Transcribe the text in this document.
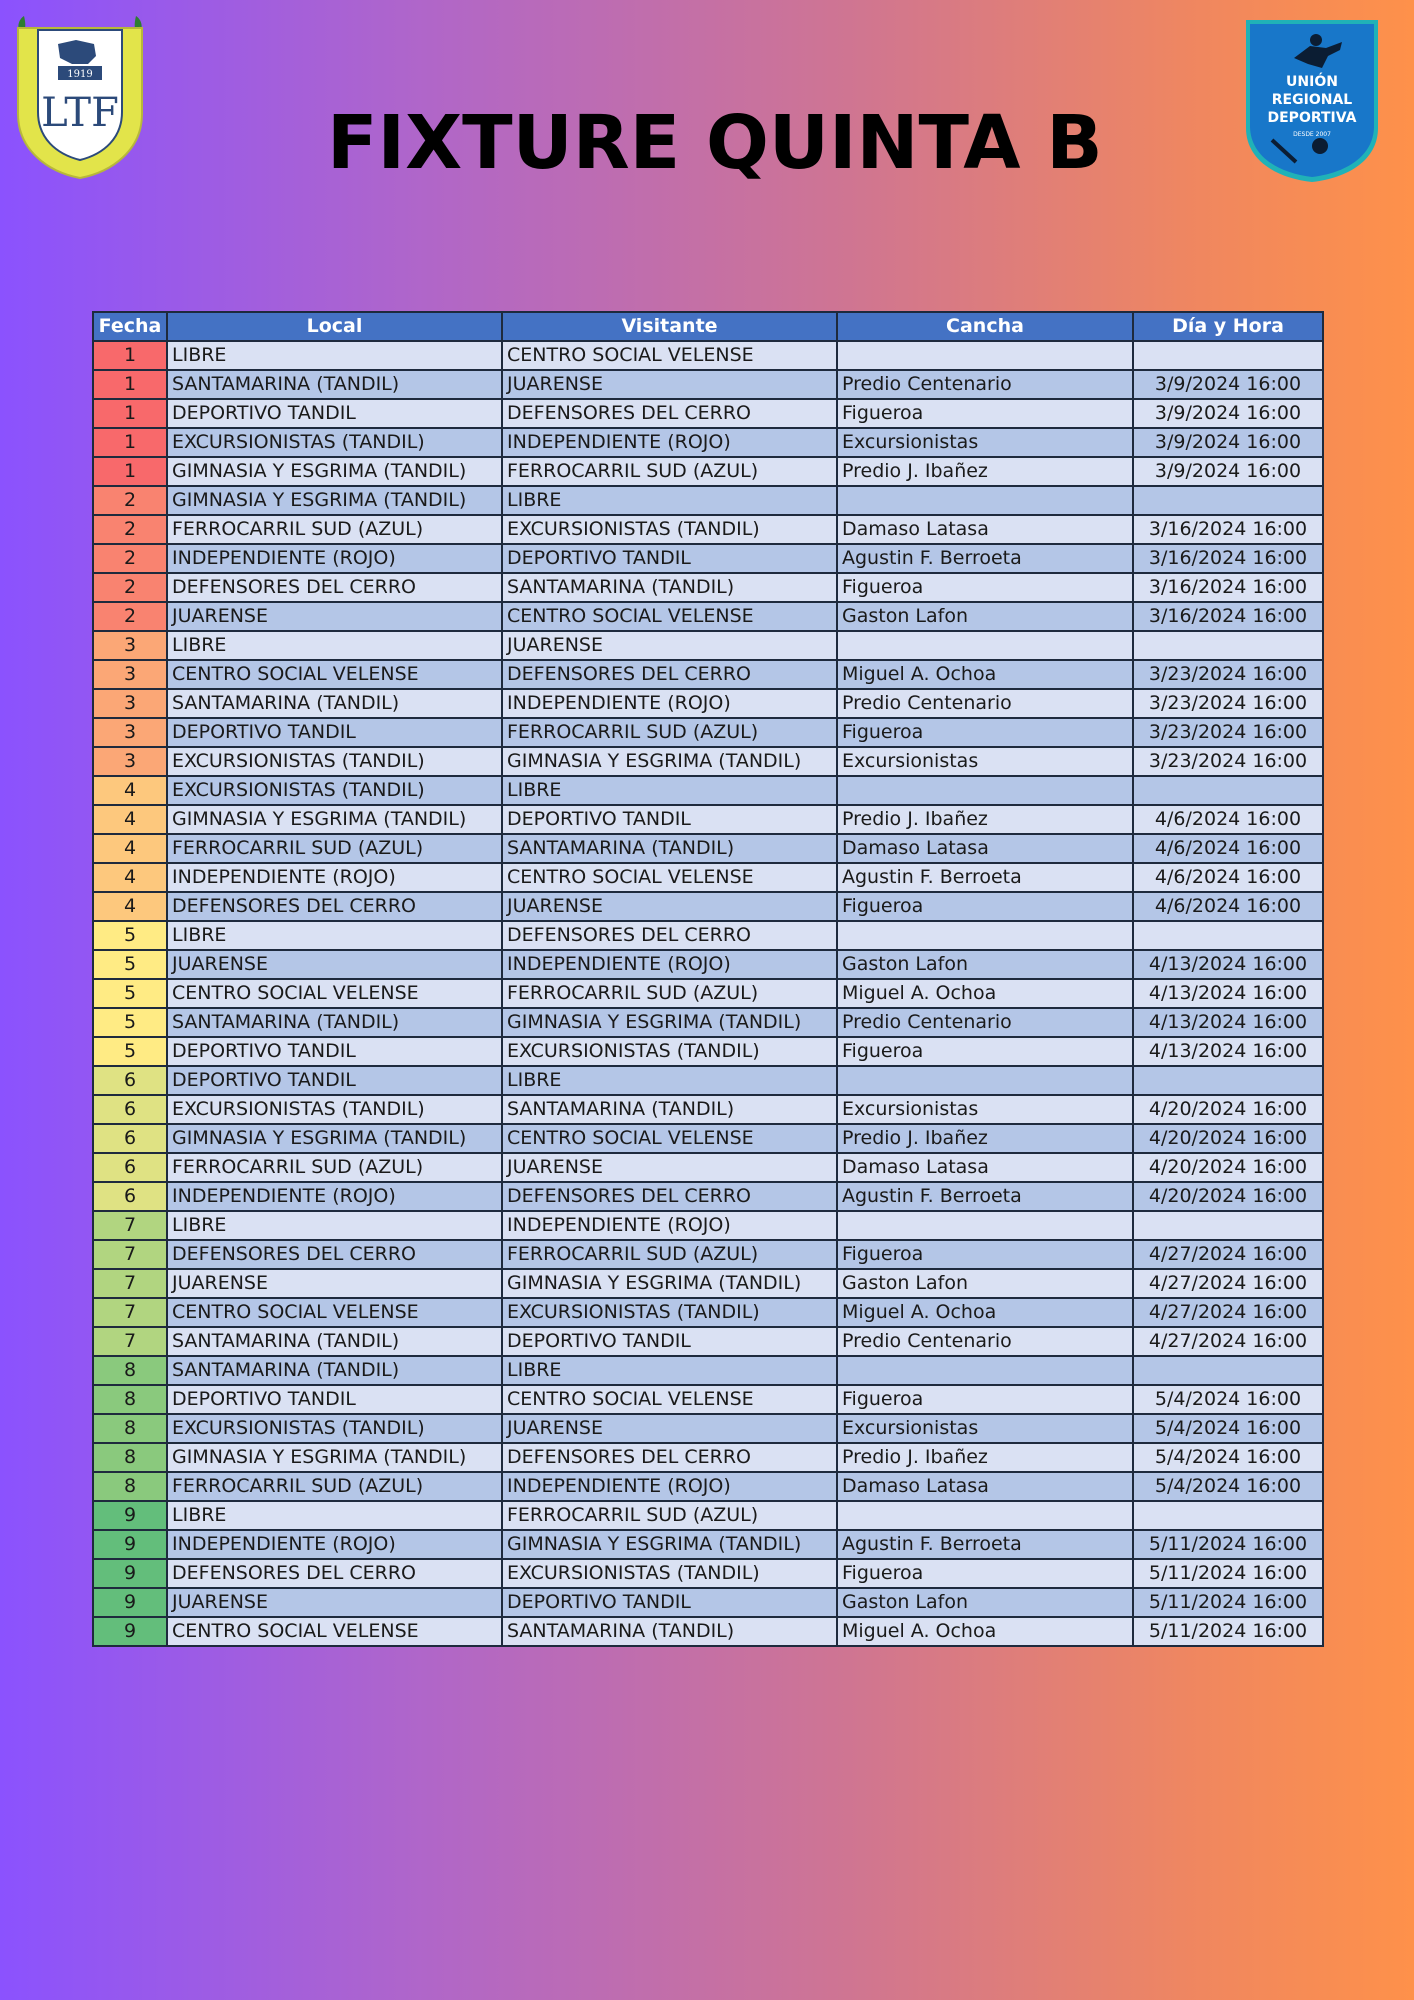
1919
LTF
UNIÓN
REGIONAL
DEPORTIVA
DESDE 2007
FIXTURE QUINTA B
Fecha	Local	Visitante	Cancha	Día y Hora
1	LIBRE	CENTRO SOCIAL VELENSE		
1	SANTAMARINA (TANDIL)	JUARENSE	Predio Centenario	3/9/2024 16:00
1	DEPORTIVO TANDIL	DEFENSORES DEL CERRO	Figueroa	3/9/2024 16:00
1	EXCURSIONISTAS (TANDIL)	INDEPENDIENTE (ROJO)	Excursionistas	3/9/2024 16:00
1	GIMNASIA Y ESGRIMA (TANDIL)	FERROCARRIL SUD (AZUL)	Predio J. Ibañez	3/9/2024 16:00
2	GIMNASIA Y ESGRIMA (TANDIL)	LIBRE		
2	FERROCARRIL SUD (AZUL)	EXCURSIONISTAS (TANDIL)	Damaso Latasa	3/16/2024 16:00
2	INDEPENDIENTE (ROJO)	DEPORTIVO TANDIL	Agustin F. Berroeta	3/16/2024 16:00
2	DEFENSORES DEL CERRO	SANTAMARINA (TANDIL)	Figueroa	3/16/2024 16:00
2	JUARENSE	CENTRO SOCIAL VELENSE	Gaston Lafon	3/16/2024 16:00
3	LIBRE	JUARENSE		
3	CENTRO SOCIAL VELENSE	DEFENSORES DEL CERRO	Miguel A. Ochoa	3/23/2024 16:00
3	SANTAMARINA (TANDIL)	INDEPENDIENTE (ROJO)	Predio Centenario	3/23/2024 16:00
3	DEPORTIVO TANDIL	FERROCARRIL SUD (AZUL)	Figueroa	3/23/2024 16:00
3	EXCURSIONISTAS (TANDIL)	GIMNASIA Y ESGRIMA (TANDIL)	Excursionistas	3/23/2024 16:00
4	EXCURSIONISTAS (TANDIL)	LIBRE		
4	GIMNASIA Y ESGRIMA (TANDIL)	DEPORTIVO TANDIL	Predio J. Ibañez	4/6/2024 16:00
4	FERROCARRIL SUD (AZUL)	SANTAMARINA (TANDIL)	Damaso Latasa	4/6/2024 16:00
4	INDEPENDIENTE (ROJO)	CENTRO SOCIAL VELENSE	Agustin F. Berroeta	4/6/2024 16:00
4	DEFENSORES DEL CERRO	JUARENSE	Figueroa	4/6/2024 16:00
5	LIBRE	DEFENSORES DEL CERRO		
5	JUARENSE	INDEPENDIENTE (ROJO)	Gaston Lafon	4/13/2024 16:00
5	CENTRO SOCIAL VELENSE	FERROCARRIL SUD (AZUL)	Miguel A. Ochoa	4/13/2024 16:00
5	SANTAMARINA (TANDIL)	GIMNASIA Y ESGRIMA (TANDIL)	Predio Centenario	4/13/2024 16:00
5	DEPORTIVO TANDIL	EXCURSIONISTAS (TANDIL)	Figueroa	4/13/2024 16:00
6	DEPORTIVO TANDIL	LIBRE		
6	EXCURSIONISTAS (TANDIL)	SANTAMARINA (TANDIL)	Excursionistas	4/20/2024 16:00
6	GIMNASIA Y ESGRIMA (TANDIL)	CENTRO SOCIAL VELENSE	Predio J. Ibañez	4/20/2024 16:00
6	FERROCARRIL SUD (AZUL)	JUARENSE	Damaso Latasa	4/20/2024 16:00
6	INDEPENDIENTE (ROJO)	DEFENSORES DEL CERRO	Agustin F. Berroeta	4/20/2024 16:00
7	LIBRE	INDEPENDIENTE (ROJO)		
7	DEFENSORES DEL CERRO	FERROCARRIL SUD (AZUL)	Figueroa	4/27/2024 16:00
7	JUARENSE	GIMNASIA Y ESGRIMA (TANDIL)	Gaston Lafon	4/27/2024 16:00
7	CENTRO SOCIAL VELENSE	EXCURSIONISTAS (TANDIL)	Miguel A. Ochoa	4/27/2024 16:00
7	SANTAMARINA (TANDIL)	DEPORTIVO TANDIL	Predio Centenario	4/27/2024 16:00
8	SANTAMARINA (TANDIL)	LIBRE		
8	DEPORTIVO TANDIL	CENTRO SOCIAL VELENSE	Figueroa	5/4/2024 16:00
8	EXCURSIONISTAS (TANDIL)	JUARENSE	Excursionistas	5/4/2024 16:00
8	GIMNASIA Y ESGRIMA (TANDIL)	DEFENSORES DEL CERRO	Predio J. Ibañez	5/4/2024 16:00
8	FERROCARRIL SUD (AZUL)	INDEPENDIENTE (ROJO)	Damaso Latasa	5/4/2024 16:00
9	LIBRE	FERROCARRIL SUD (AZUL)		
9	INDEPENDIENTE (ROJO)	GIMNASIA Y ESGRIMA (TANDIL)	Agustin F. Berroeta	5/11/2024 16:00
9	DEFENSORES DEL CERRO	EXCURSIONISTAS (TANDIL)	Figueroa	5/11/2024 16:00
9	JUARENSE	DEPORTIVO TANDIL	Gaston Lafon	5/11/2024 16:00
9	CENTRO SOCIAL VELENSE	SANTAMARINA (TANDIL)	Miguel A. Ochoa	5/11/2024 16:00
